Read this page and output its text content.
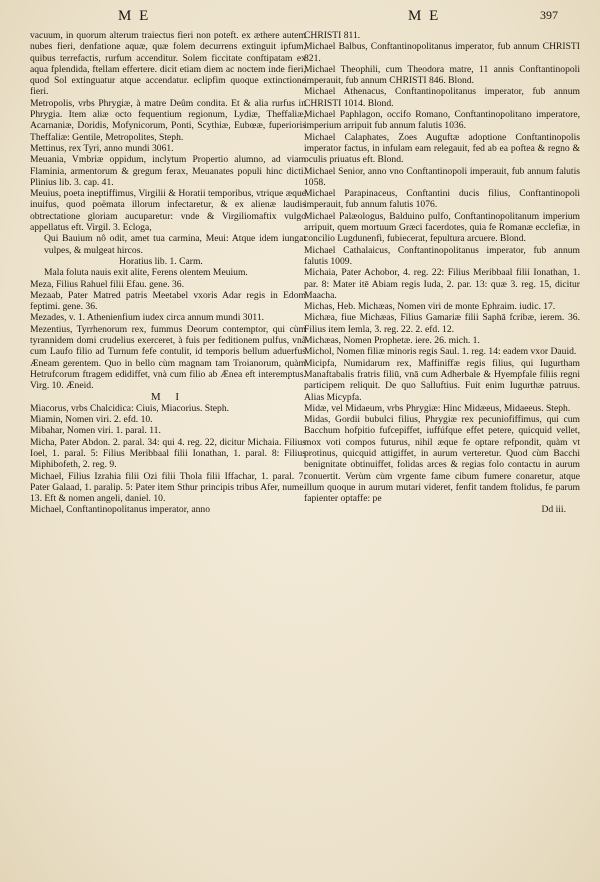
M E	M E	397

vacuum, in quorum alterum traiectus fieri non poteft. ex æthere autem nubes fieri, denfatione aquæ, quæ folem decurrens extinguit ipfum, quibus terrefactis, rurfum accenditur. Solem ficcitate conftipatam ex aqua fplendida, ftellam effertere. dicit etiam diem ac noctem inde fieri, quod Sol extinguatur atque accendatur. eclipfim quoque extinctione fieri.

Metropolis, vrbs Phrygiæ, à matre Deûm condita. Et & alia rurfus in Phrygia. Item aliæ octo fequentium regionum, Lydiæ, Theffaliæ, Acarnaniæ, Doridis, Mofynicorum, Ponti, Scythiæ, Eubœæ, fuperioris Theffaliæ: Gentile, Metropolites, Steph.

Mettinus, rex Tyri, anno mundi 3061.

Meuania, Vmbriæ oppidum, inclytum Propertio alumno, ad viam Flaminia, armentorum & gregum ferax, Meuanates populi hinc dicti. Plinius lib. 3. cap. 41.

Meuius, poeta ineptiffimus, Virgilii & Horatii temporibus, vtrique æque inuifus, quod poëmata illorum infectaretur, & ex alienæ laudis obtrectatione gloriam aucuparetur: vnde & Virgiliomaftix vulgo appellatus eft. Virgil. 3. Ecloga,

Qui Bauium nô odit, amet tua carmina, Meui: Atque idem iungat vulpes, & mulgeat hircos.

Horatius lib. 1. Carm.

Mala foluta nauis exit alite, Ferens olentem Meuium.

Meza, Filius Rahuel filii Efau. gene. 36.

Mezaab, Pater Matred patris Meetabel vxoris Adar regis in Edom feptimi. gene. 36.

Mezades, v. 1. Athenienfium iudex circa annum mundi 3011.

Mezentius, Tyrrhenorum rex, fummus Deorum contemptor, qui cùm tyrannidem domi crudelius exerceret, à fuis per feditionem pulfus, vnà cum Laufo filio ad Turnum fefe contulit, id temporis bellum aduerfus Æneam gerentem. Quo in bello cùm magnam tam Troianorum, quàm Hetrufcorum ftragem edidiffet, vnà cum filio ab Ænea eft interemptus. Virg. 10. Æneid.

M I

Miacorus, vrbs Chalcidica: Ciuis, Miacorius. Steph.

Miamin, Nomen viri. 2. efd. 10.

Mibahar, Nomen viri. 1. paral. 11.

Micha, Pater Abdon. 2. paral. 34: qui 4. reg. 22, dicitur Michaia. Filius Ioel, 1. paral. 5: Filius Meribbaal filii Ionathan, 1. paral. 8: Filius Miphibofeth, 2. reg. 9.

Michael, Filius Izrahia filii Ozi filii Thola filii Iffachar, 1. paral. 7: Pater Galaad, 1. paralip. 5: Pater item Sthur principis tribus Afer, nume. 13. Eft & nomen angeli, daniel. 10.

Michael, Conftantinopolitanus imperator, anno

CHRISTI 811.

Michael Balbus, Conftantinopolitanus imperator, fub annum CHRISTI 821.

Michael Theophili, cum Theodora matre, 11 annis Conftantinopoli imperauit, fub annum CHRISTI 846. Blond.

Michael Athenacus, Conftantinopolitanus imperator, fub annum CHRISTI 1014. Blond.

Michael Paphlagon, occifo Romano, Conftantinopolitano imperatore, imperium arripuit fub annum falutis 1036.

Michael Calaphates, Zoes Auguftæ adoptione Conftantinopolis imperator factus, in infulam eam relegauit, fed ab ea poftea & regno & oculis priuatus eft. Blond.

Michael Senior, anno vno Conftantinopoli imperauit, fub annum falutis 1058.

Michael Parapinaceus, Conftantini ducis filius, Conftantinopoli imperauit, fub annum falutis 1076.

Michael Palæologus, Balduino pulfo, Conftantinopolitanum imperium arripuit, quem mortuum Græci facerdotes, quia fe Romanæ ecclefiæ, in concilio Lugdunenfi, fubiecerat, fepultura arcuere. Blond.

Michael Cathalaicus, Conftantinopolitanus imperator, fub annum falutis 1009.

Michaia, Pater Achobor, 4. reg. 22: Filius Meribbaal filii Ionathan, 1. par. 8: Mater itē Abiam regis Iuda, 2. par. 13: quæ 3. reg. 15, dicitur Maacha.

Michas, Heb. Michæas, Nomen viri de monte Ephraim. iudic. 17.

Michæa, fiue Michæas, Filius Gamariæ filii Saphā fcribæ, ierem. 36. Filius item Iemla, 3. reg. 22. 2. efd. 12.

Michæas, Nomen Prophetæ. iere. 26. mich. 1.

Michol, Nomen filiæ minoris regis Saul. 1. reg. 14: eadem vxor Dauid.

Micipfa, Numidarum rex, Maffiniffæ regis filius, qui Iugurtham Manaftabalis fratris filiū, vnā cum Adherbale & Hyempfale filiis regni participem reliquit. De quo Salluftius. Fuit enim Iugurthæ patruus. Alias Micypfa.

Midæ, vel Midaeum, vrbs Phrygiæ: Hinc Midæeus, Midaeeus. Steph.

Midas, Gordii bubulci filius, Phrygiæ rex pecuniofiffimus, qui cum Bacchum hofpitio fufcepiffet, iuffúfque effet petere, quicquid vellet, mox voti compos futurus, nihil æque fe optare refpondit, quàm vt protinus, quicquid attigiffet, in aurum verteretur. Quod cùm Bacchi benignitate obtinuiffet, folidas arces & regias folo contactu in aurum conuertit. Verùm cùm vrgente fame cibum fumere conaretur, atque illum quoque in aurum mutari videret, fenfit tandem ftolidus, fe parum fapienter optaffe: pe

Dd iii.
